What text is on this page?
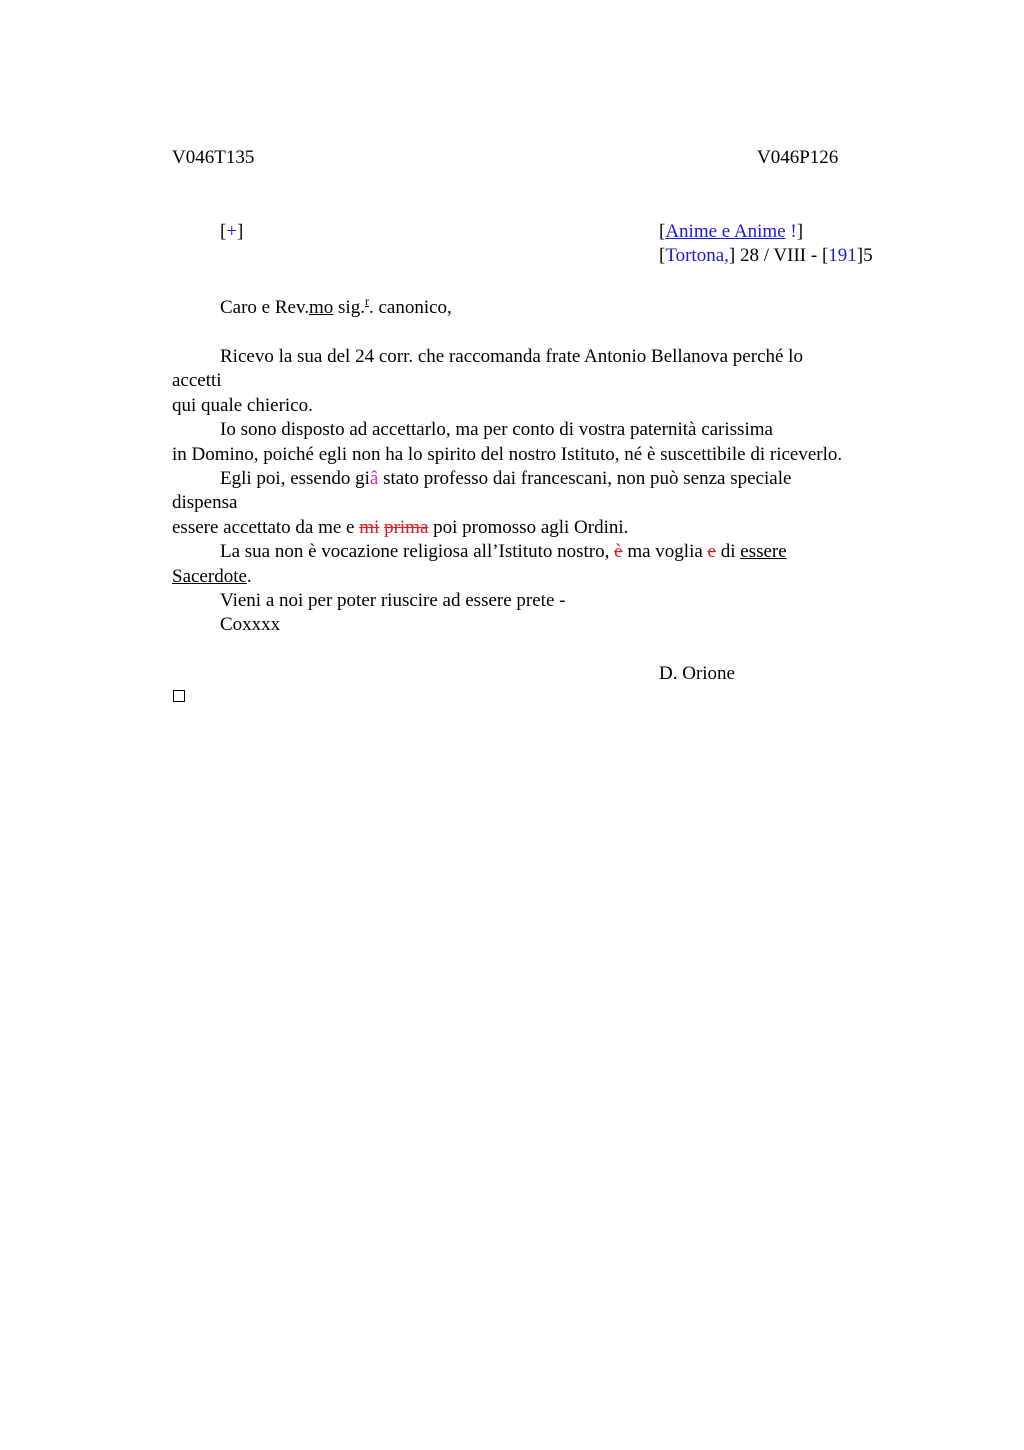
V046T135	V046P126
[+]	[Anime e Anime !]
[Tortona,] 28 / VIII - [191]5
Caro e Rev.mo sig.$^r$. canonico,

Ricevo la sua del 24 corr. che raccomanda frate Antonio Bellanova perché lo

accetti

qui quale chierico.

Io sono disposto ad accettarlo, ma per conto di vostra paternità carissima

in Domino, poiché egli non ha lo spirito del nostro Istituto, né è suscettibile di riceverlo.

Egli poi, essendo giâ stato professo dai francescani, non può senza speciale

dispensa

essere accettato da me e mi prima poi promosso agli Ordini.

La sua non è vocazione religiosa all’Istituto nostro, è ma voglia e di essere

Sacerdote.

Vieni a noi per poter riuscire ad essere prete -

Coxxxx

D. Orione
